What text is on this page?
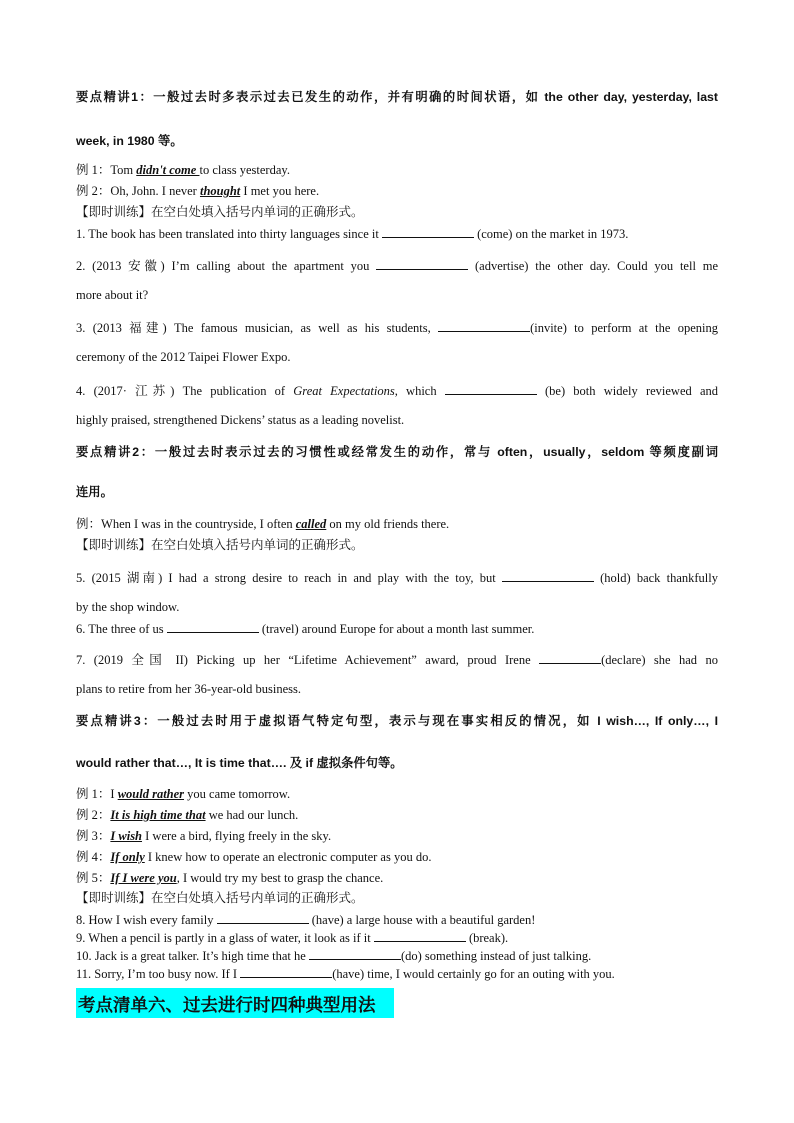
要点精讲1：一般过去时多表示过去已发生的动作，并有明确的时间状语，如 the other day, yesterday, last
week, in 1980 等。
例 1：Tom didn't come to class yesterday.
例 2：Oh, John. I never thought I met you here.
【即时训练】在空白处填入括号内单词的正确形式。
1. The book has been translated into thirty languages since it	(come) on the market in 1973.
2. (2013 安徽) I’m calling about the apartment you	(advertise) the other day. Could you tell me
more about it?
3. (2013 福建) The famous musician, as well as his students,	(invite) to perform at the opening
ceremony of the 2012 Taipei Flower Expo.
4. (2017· 江苏) The publication of Great Expectations, which	(be) both widely reviewed and
highly praised, strengthened Dickens’ status as a leading novelist.
要点精讲2：一般过去时表示过去的习惯性或经常发生的动作，常与 often，usually，seldom 等频度副词
连用。
例：When I was in the countryside, I often called on my old friends there.
【即时训练】在空白处填入括号内单词的正确形式。
5. (2015 湖南) I had a strong desire to reach in and play with the toy, but	(hold) back thankfully
by the shop window.
6. The three of us	(travel) around Europe for about a month last summer.
7. (2019 全国 II) Picking up her “Lifetime Achievement” award, proud Irene	(declare) she had no
plans to retire from her 36-year-old business.
要点精讲3：一般过去时用于虚拟语气特定句型，表示与现在事实相反的情况，如 I wish…, If only…, I
would rather that…, It is time that…. 及 if 虚拟条件句等。
例 1：I would rather you came tomorrow.
例 2：It is high time that we had our lunch.
例 3：I wish I were a bird, flying freely in the sky.
例 4：If only I knew how to operate an electronic computer as you do.
例 5：If I were you, I would try my best to grasp the chance.
【即时训练】在空白处填入括号内单词的正确形式。
8. How I wish every family	(have) a large house with a beautiful garden!
9. When a pencil is partly in a glass of water, it look as if it	(break).
10. Jack is a great talker. It’s high time that he	(do) something instead of just talking.
11. Sorry, I’m too busy now. If I	(have) time, I would certainly go for an outing with you.
考点清单六、过去进行时四种典型用法
